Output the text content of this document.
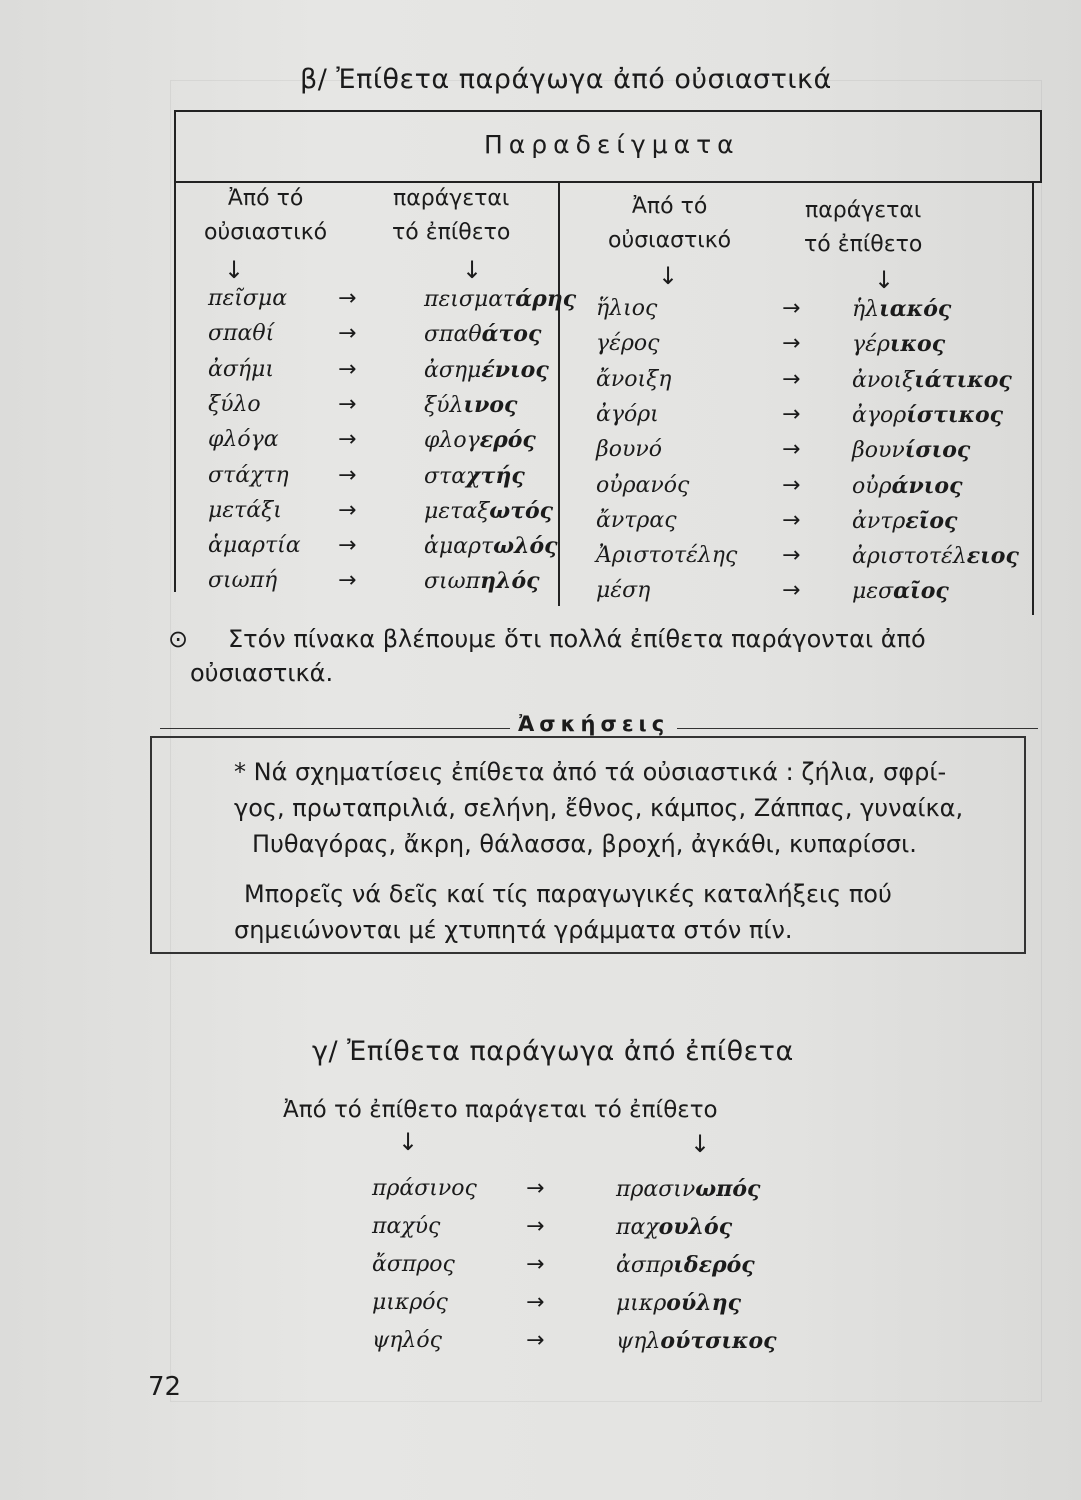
β/ Ἐπίθετα παράγωγα ἀπό οὐσιαστικά
Παραδείγματα
Ἀπό τό
οὐσιαστικό
παράγεται
τό ἐπίθετο
↓	↓
Ἀπό τό
οὐσιαστικό
παράγεται
τό ἐπίθετο
↓	↓
πεῖσμα →	πεισματάρης
σπαθί	→	σπαθάτος
ἀσήμι	→	ἀσημένιος
ξύλο	→	ξύλινος
φλόγα	→	φλογερός
στάχτη →	σταχτής
μετάξι	→	μεταξωτός
ἁμαρτία →	ἁμαρτωλός
σιωπή	→	σιωπηλός
ἥλιος	→ ἡλιακός
γέρος	→ γέρικος
ἄνοιξη	→ ἀνοιξιάτικος
ἀγόρι	→ ἀγορίστικος
βουνό	→ βουνίσιος
οὐρανός	→ οὐράνιος
ἄντρας	→ ἀντρεῖος
Ἀριστοτέλης → ἀριστοτέλειος
μέση	→ μεσαῖος
⊙ Στόν πίνακα βλέπουμε ὅτι πολλά ἐπίθετα παράγονται ἀπό
οὐσιαστικά.
Ἀσκήσεις
* Νά σχηματίσεις ἐπίθετα ἀπό τά οὐσιαστικά : ζήλια, σφρί-
γος, πρωταπριλιά, σελήνη, ἔθνος, κάμπος, Ζάππας, γυναίκα,
Πυθαγόρας, ἄκρη, θάλασσα, βροχή, ἀγκάθι, κυπαρίσσι.
Μπορεῖς νά δεῖς καί τίς παραγωγικές καταλήξεις πού
σημειώνονται μέ χτυπητά γράμματα στόν πίν.
γ/ Ἐπίθετα παράγωγα ἀπό ἐπίθετα
Ἀπό τό ἐπίθετο παράγεται τό ἐπίθετο
↓	↓
πράσινος →	πρασινωπός
παχύς	→	παχουλός
ἄσπρος	→	ἀσπριδερός
μικρός	→	μικρούλης
ψηλός	→	ψηλούτσικος
72
